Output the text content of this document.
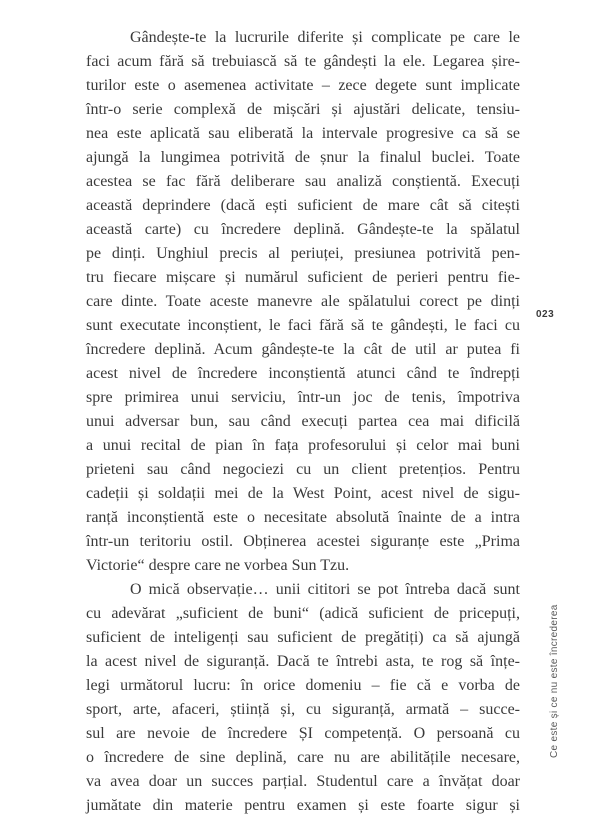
Gândește-te la lucrurile diferite și complicate pe care le
faci acum fără să trebuiască să te gândești la ele. Legarea șire-
turilor este o asemenea activitate – zece degete sunt implicate
într-o serie complexă de mișcări și ajustări delicate, tensiu-
nea este aplicată sau eliberată la intervale progresive ca să se
ajungă la lungimea potrivită de șnur la finalul buclei. Toate
acestea se fac fără deliberare sau analiză conștientă. Execuți
această deprindere (dacă ești suficient de mare cât să citești
această carte) cu încredere deplină. Gândește-te la spălatul
pe dinți. Unghiul precis al periuței, presiunea potrivită pen-
tru fiecare mișcare și numărul suficient de perieri pentru fie-
care dinte. Toate aceste manevre ale spălatului corect pe dinți
sunt executate inconștient, le faci fără să te gândești, le faci cu
încredere deplină. Acum gândește-te la cât de util ar putea fi
acest nivel de încredere inconștientă atunci când te îndrepți
spre primirea unui serviciu, într-un joc de tenis, împotriva
unui adversar bun, sau când execuți partea cea mai dificilă
a unui recital de pian în fața profesorului și celor mai buni
prieteni sau când negociezi cu un client pretențios. Pentru
cadeții și soldații mei de la West Point, acest nivel de sigu-
ranță inconștientă este o necesitate absolută înainte de a intra
într-un teritoriu ostil. Obținerea acestei siguranțe este „Prima
Victorie“ despre care ne vorbea Sun Tzu.
O mică observație… unii cititori se pot întreba dacă sunt
cu adevărat „suficient de buni“ (adică suficient de pricepuți,
suficient de inteligenți sau suficient de pregătiți) ca să ajungă
la acest nivel de siguranță. Dacă te întrebi asta, te rog să înțe-
legi următorul lucru: în orice domeniu – fie că e vorba de
sport, arte, afaceri, știință și, cu siguranță, armată – succe-
sul are nevoie de încredere ȘI competență. O persoană cu
o încredere de sine deplină, care nu are abilitățile necesare,
va avea doar un succes parțial. Studentul care a învățat doar
jumătate din materie pentru examen și este foarte sigur și
023
Ce este și ce nu este încrederea
